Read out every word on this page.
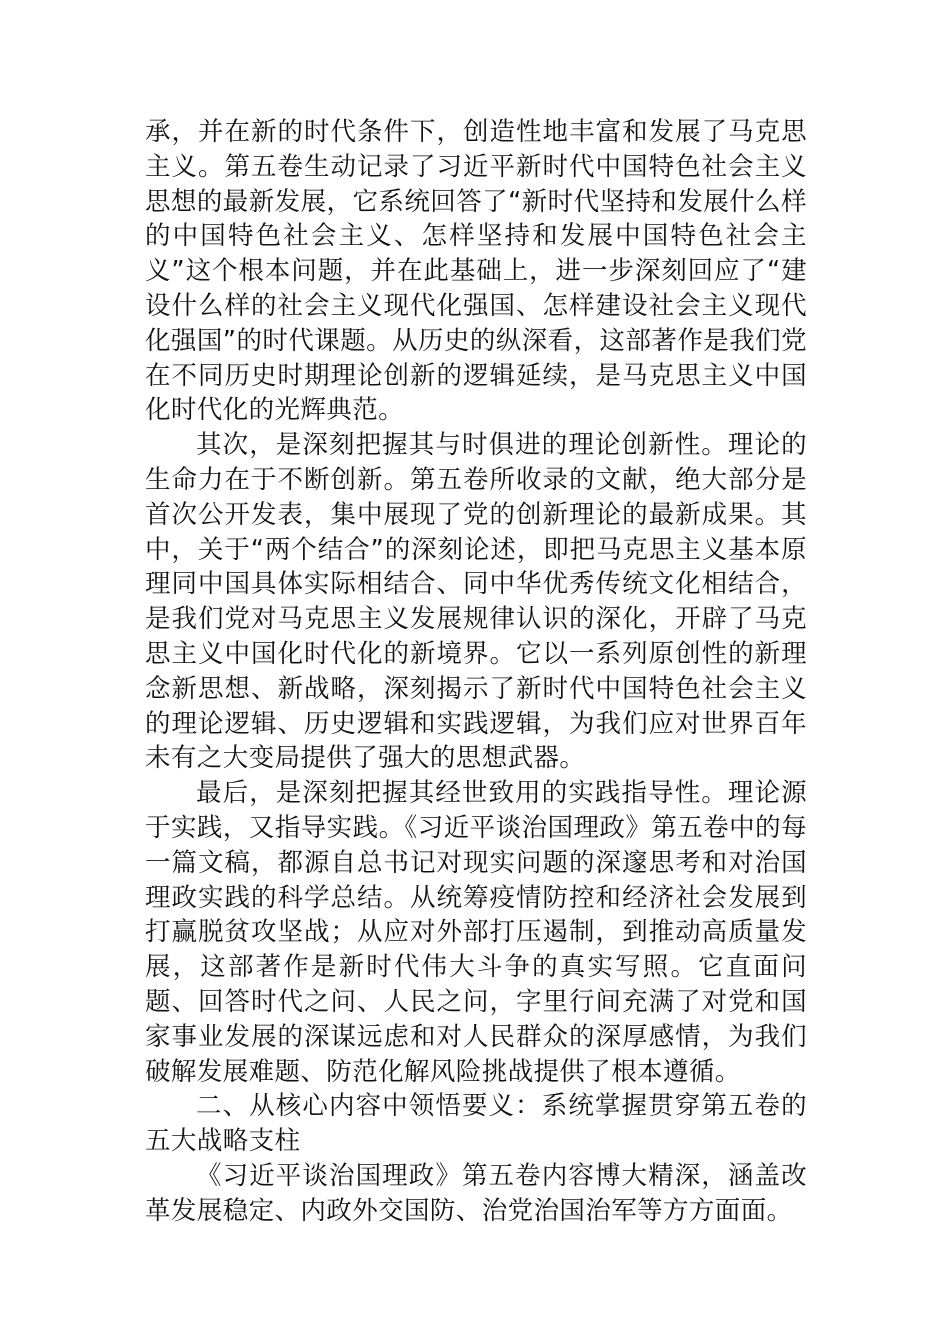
承，并在新的时代条件下，创造性地丰富和发展了马克思主义。第五卷生动记录了习近平新时代中国特色社会主义思想的最新发展，它系统回答了“新时代坚持和发展什么样的中国特色社会主义、怎样坚持和发展中国特色社会主义”这个根本问题，并在此基础上，进一步深刻回应了“建设什么样的社会主义现代化强国、怎样建设社会主义现代化强国”的时代课题。从历史的纵深看，这部著作是我们党在不同历史时期理论创新的逻辑延续，是马克思主义中国化时代化的光辉典范。

其次，是深刻把握其与时俱进的理论创新性。理论的生命力在于不断创新。第五卷所收录的文献，绝大部分是首次公开发表，集中展现了党的创新理论的最新成果。其中，关于“两个结合”的深刻论述，即把马克思主义基本原理同中国具体实际相结合、同中华优秀传统文化相结合，是我们党对马克思主义发展规律认识的深化，开辟了马克思主义中国化时代化的新境界。它以一系列原创性的新理念新思想、新战略，深刻揭示了新时代中国特色社会主义的理论逻辑、历史逻辑和实践逻辑，为我们应对世界百年未有之大变局提供了强大的思想武器。

最后，是深刻把握其经世致用的实践指导性。理论源于实践，又指导实践。《习近平谈治国理政》第五卷中的每一篇文稿，都源自总书记对现实问题的深邃思考和对治国理政实践的科学总结。从统筹疫情防控和经济社会发展到打赢脱贫攻坚战；从应对外部打压遏制，到推动高质量发展，这部著作是新时代伟大斗争的真实写照。它直面问题、回答时代之问、人民之问，字里行间充满了对党和国家事业发展的深谋远虑和对人民群众的深厚感情，为我们破解发展难题、防范化解风险挑战提供了根本遵循。

二、从核心内容中领悟要义：系统掌握贯穿第五卷的五大战略支柱

《习近平谈治国理政》第五卷内容博大精深，涵盖改革发展稳定、内政外交国防、治党治国治军等方方面面。
